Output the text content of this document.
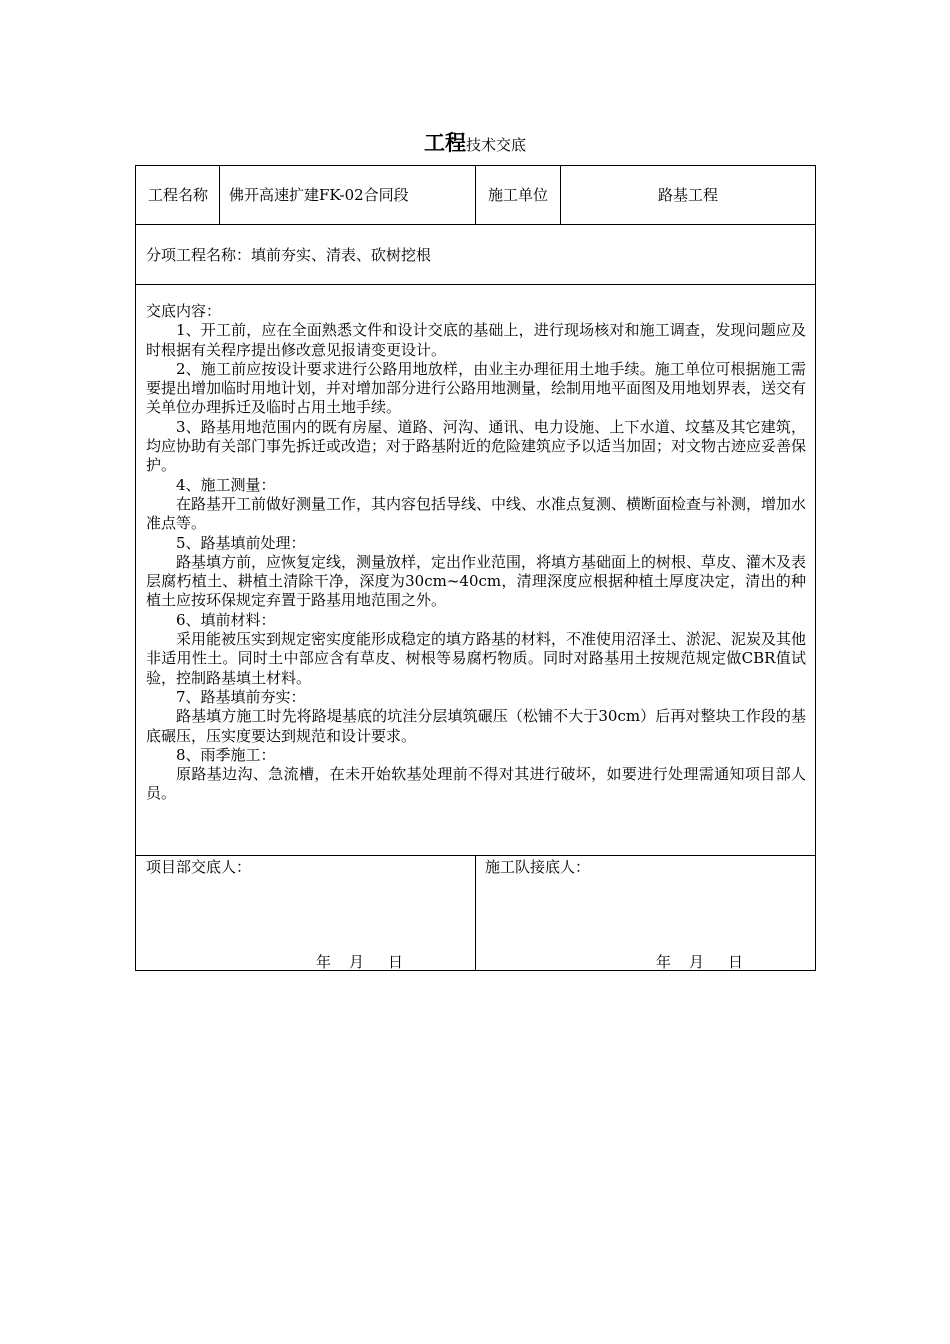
工程技术交底
工程名称	佛开高速扩建FK-02合同段	施工单位	路基工程
分项工程名称：填前夯实、清表、砍树挖根

交底内容：

1、开工前，应在全面熟悉文件和设计交底的基础上，进行现场核对和施工调查，发现问题应及时根据有关程序提出修改意见报请变更设计。

2、施工前应按设计要求进行公路用地放样，由业主办理征用土地手续。施工单位可根据施工需要提出增加临时用地计划，并对增加部分进行公路用地测量，绘制用地平面图及用地划界表，送交有关单位办理拆迁及临时占用土地手续。

3、路基用地范围内的既有房屋、道路、河沟、通讯、电力设施、上下水道、坟墓及其它建筑，均应协助有关部门事先拆迁或改造；对于路基附近的危险建筑应予以适当加固；对文物古迹应妥善保护。

4、施工测量：

在路基开工前做好测量工作，其内容包括导线、中线、水准点复测、横断面检查与补测，增加水准点等。

5、路基填前处理：

路基填方前，应恢复定线，测量放样，定出作业范围，将填方基础面上的树根、草皮、灌木及表层腐朽植土、耕植土清除干净，深度为30cm~40cm，清理深度应根据种植土厚度决定，清出的种植土应按环保规定弃置于路基用地范围之外。

6、填前材料：

采用能被压实到规定密实度能形成稳定的填方路基的材料，不准使用沼泽土、淤泥、泥炭及其他非适用性土。同时土中部应含有草皮、树根等易腐朽物质。同时对路基用土按规范规定做CBR值试验，控制路基填土材料。

7、路基填前夯实：

路基填方施工时先将路堤基底的坑洼分层填筑碾压（松铺不大于30cm）后再对整块工作段的基底碾压，压实度要达到规范和设计要求。

8、雨季施工：

原路基边沟、急流槽，在未开始软基处理前不得对其进行破坏，如要进行处理需通知项目部人员。

项目部交底人：	施工队接底人：
年 月 日	年 月 日
